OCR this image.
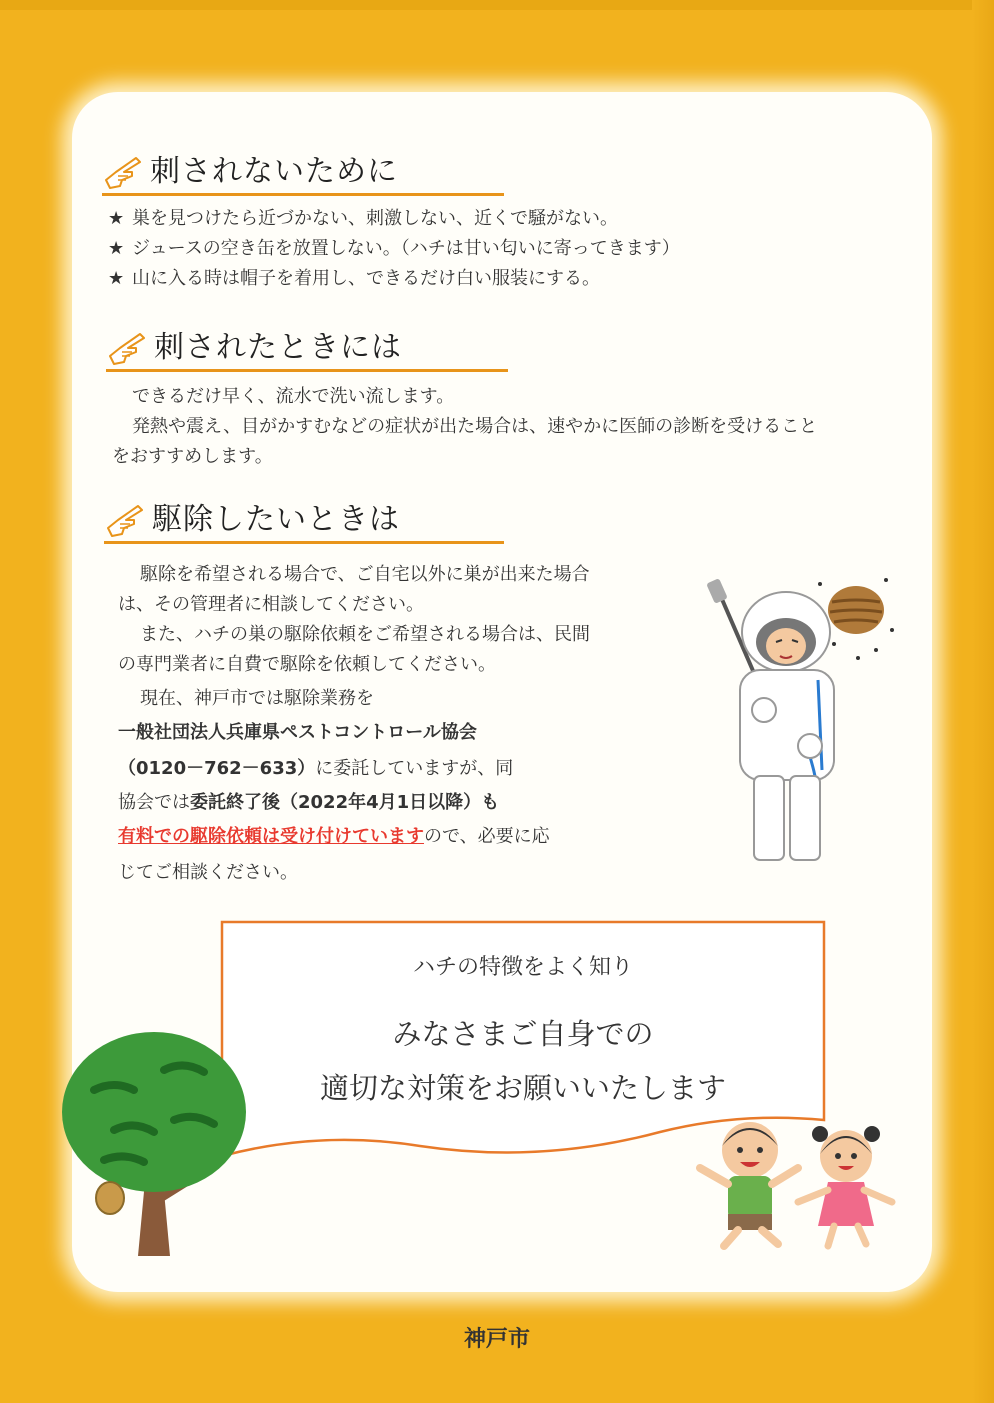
刺されないために
★ 巣を見つけたら近づかない、刺激しない、近くで騒がない。
★ ジュースの空き缶を放置しない。（ハチは甘い匂いに寄ってきます）
★ 山に入る時は帽子を着用し、できるだけ白い服装にする。
刺されたときには
できるだけ早く、流水で洗い流します。
発熱や震え、目がかすむなどの症状が出た場合は、速やかに医師の診断を受けること
をおすすめします。
駆除したいときは
駆除を希望される場合で、ご自宅以外に巣が出来た場合
は、その管理者に相談してください。
また、ハチの巣の駆除依頼をご希望される場合は、民間
の専門業者に自費で駆除を依頼してください。
現在、神戸市では駆除業務を
一般社団法人兵庫県ペストコントロール協会
（0120－762－633）に委託していますが、同
協会では委託終了後（2022年4月1日以降）も
有料での駆除依頼は受け付けていますので、必要に応
じてご相談ください。
ハチの特徴をよく知り
みなさまご自身での
適切な対策をお願いいたします
神戸市
